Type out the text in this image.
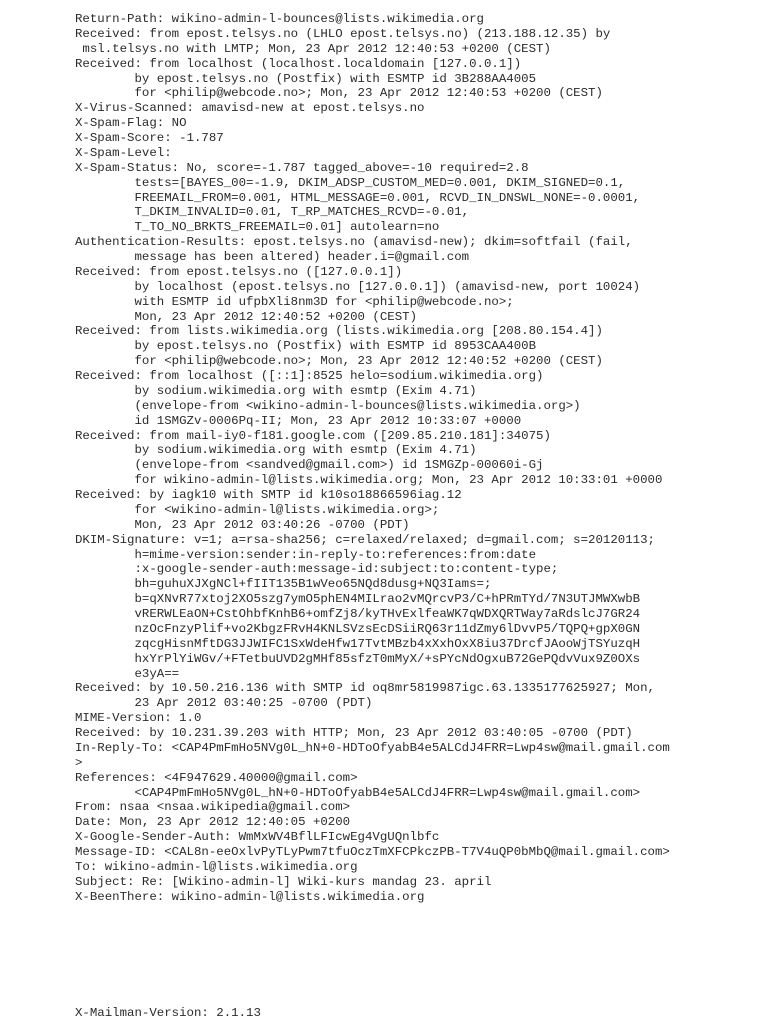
Return-Path: wikino-admin-l-bounces@lists.wikimedia.org
Received: from epost.telsys.no (LHLO epost.telsys.no) (213.188.12.35) by
msl.telsys.no with LMTP; Mon, 23 Apr 2012 12:40:53 +0200 (CEST)
Received: from localhost (localhost.localdomain [127.0.0.1])
by epost.telsys.no (Postfix) with ESMTP id 3B288AA4005
for <philip@webcode.no>; Mon, 23 Apr 2012 12:40:53 +0200 (CEST)
X-Virus-Scanned: amavisd-new at epost.telsys.no
X-Spam-Flag: NO
X-Spam-Score: -1.787
X-Spam-Level:
X-Spam-Status: No, score=-1.787 tagged_above=-10 required=2.8
tests=[BAYES_00=-1.9, DKIM_ADSP_CUSTOM_MED=0.001, DKIM_SIGNED=0.1,
FREEMAIL_FROM=0.001, HTML_MESSAGE=0.001, RCVD_IN_DNSWL_NONE=-0.0001,
T_DKIM_INVALID=0.01, T_RP_MATCHES_RCVD=-0.01,
T_TO_NO_BRKTS_FREEMAIL=0.01] autolearn=no
Authentication-Results: epost.telsys.no (amavisd-new); dkim=softfail (fail,
message has been altered) header.i=@gmail.com
Received: from epost.telsys.no ([127.0.0.1])
by localhost (epost.telsys.no [127.0.0.1]) (amavisd-new, port 10024)
with ESMTP id ufpbXli8nm3D for <philip@webcode.no>;
Mon, 23 Apr 2012 12:40:52 +0200 (CEST)
Received: from lists.wikimedia.org (lists.wikimedia.org [208.80.154.4])
by epost.telsys.no (Postfix) with ESMTP id 8953CAA400B
for <philip@webcode.no>; Mon, 23 Apr 2012 12:40:52 +0200 (CEST)
Received: from localhost ([::1]:8525 helo=sodium.wikimedia.org)
by sodium.wikimedia.org with esmtp (Exim 4.71)
(envelope-from <wikino-admin-l-bounces@lists.wikimedia.org>)
id 1SMGZv-0006Pq-II; Mon, 23 Apr 2012 10:33:07 +0000
Received: from mail-iy0-f181.google.com ([209.85.210.181]:34075)
by sodium.wikimedia.org with esmtp (Exim 4.71)
(envelope-from <sandved@gmail.com>) id 1SMGZp-00060i-Gj
for wikino-admin-l@lists.wikimedia.org; Mon, 23 Apr 2012 10:33:01 +0000
Received: by iagk10 with SMTP id k10so18866596iag.12
for <wikino-admin-l@lists.wikimedia.org>;
Mon, 23 Apr 2012 03:40:26 -0700 (PDT)
DKIM-Signature: v=1; a=rsa-sha256; c=relaxed/relaxed; d=gmail.com; s=20120113;
h=mime-version:sender:in-reply-to:references:from:date
:x-google-sender-auth:message-id:subject:to:content-type;
bh=guhuXJXgNCl+fIIT135B1wVeo65NQd8dusg+NQ3Iams=;
b=qXNvR77xtoj2XO5szg7ymO5phEN4MILrao2vMQrcvP3/C+hPRmTYd/7N3UTJMWXwbB
vRERWLEaON+CstOhbfKnhB6+omfZj8/kyTHvExlfeaWK7qWDXQRTWay7aRdslcJ7GR24
nzOcFnzyPlif+vo2KbgzFRvH4KNLSVzsEcDSiiRQ63r11dZmy6lDvvP5/TQPQ+gpX0GN
zqcgHisnMftDG3JJWIFC1SxWdeHfw17TvtMBzb4xXxhOxX8iu37DrcfJAooWjTSYuzqH
hxYrPlYiWGv/+FTetbuUVD2gMHf85sfzT0mMyX/+sPYcNdOgxuB72GePQdvVux9Z0OXs
e3yA==
Received: by 10.50.216.136 with SMTP id oq8mr5819987igc.63.1335177625927; Mon,
23 Apr 2012 03:40:25 -0700 (PDT)
MIME-Version: 1.0
Received: by 10.231.39.203 with HTTP; Mon, 23 Apr 2012 03:40:05 -0700 (PDT)
In-Reply-To: <CAP4PmFmHo5NVg0L_hN+0-HDToOfyabB4e5ALCdJ4FRR=Lwp4sw@mail.gmail.com
>
References: <4F947629.40000@gmail.com>
<CAP4PmFmHo5NVg0L_hN+0-HDToOfyabB4e5ALCdJ4FRR=Lwp4sw@mail.gmail.com>
From: nsaa <nsaa.wikipedia@gmail.com>
Date: Mon, 23 Apr 2012 12:40:05 +0200
X-Google-Sender-Auth: WmMxWV4BflLFIcwEg4VgUQnlbfc
Message-ID: <CAL8n-eeOxlvPyTLyPwm7tfuOczTmXFCPkczPB-T7V4uQP0bMbQ@mail.gmail.com>
To: wikino-admin-l@lists.wikimedia.org
Subject: Re: [Wikino-admin-l] Wiki-kurs mandag 23. april
X-BeenThere: wikino-admin-l@lists.wikimedia.org
X-Mailman-Version: 2.1.13
